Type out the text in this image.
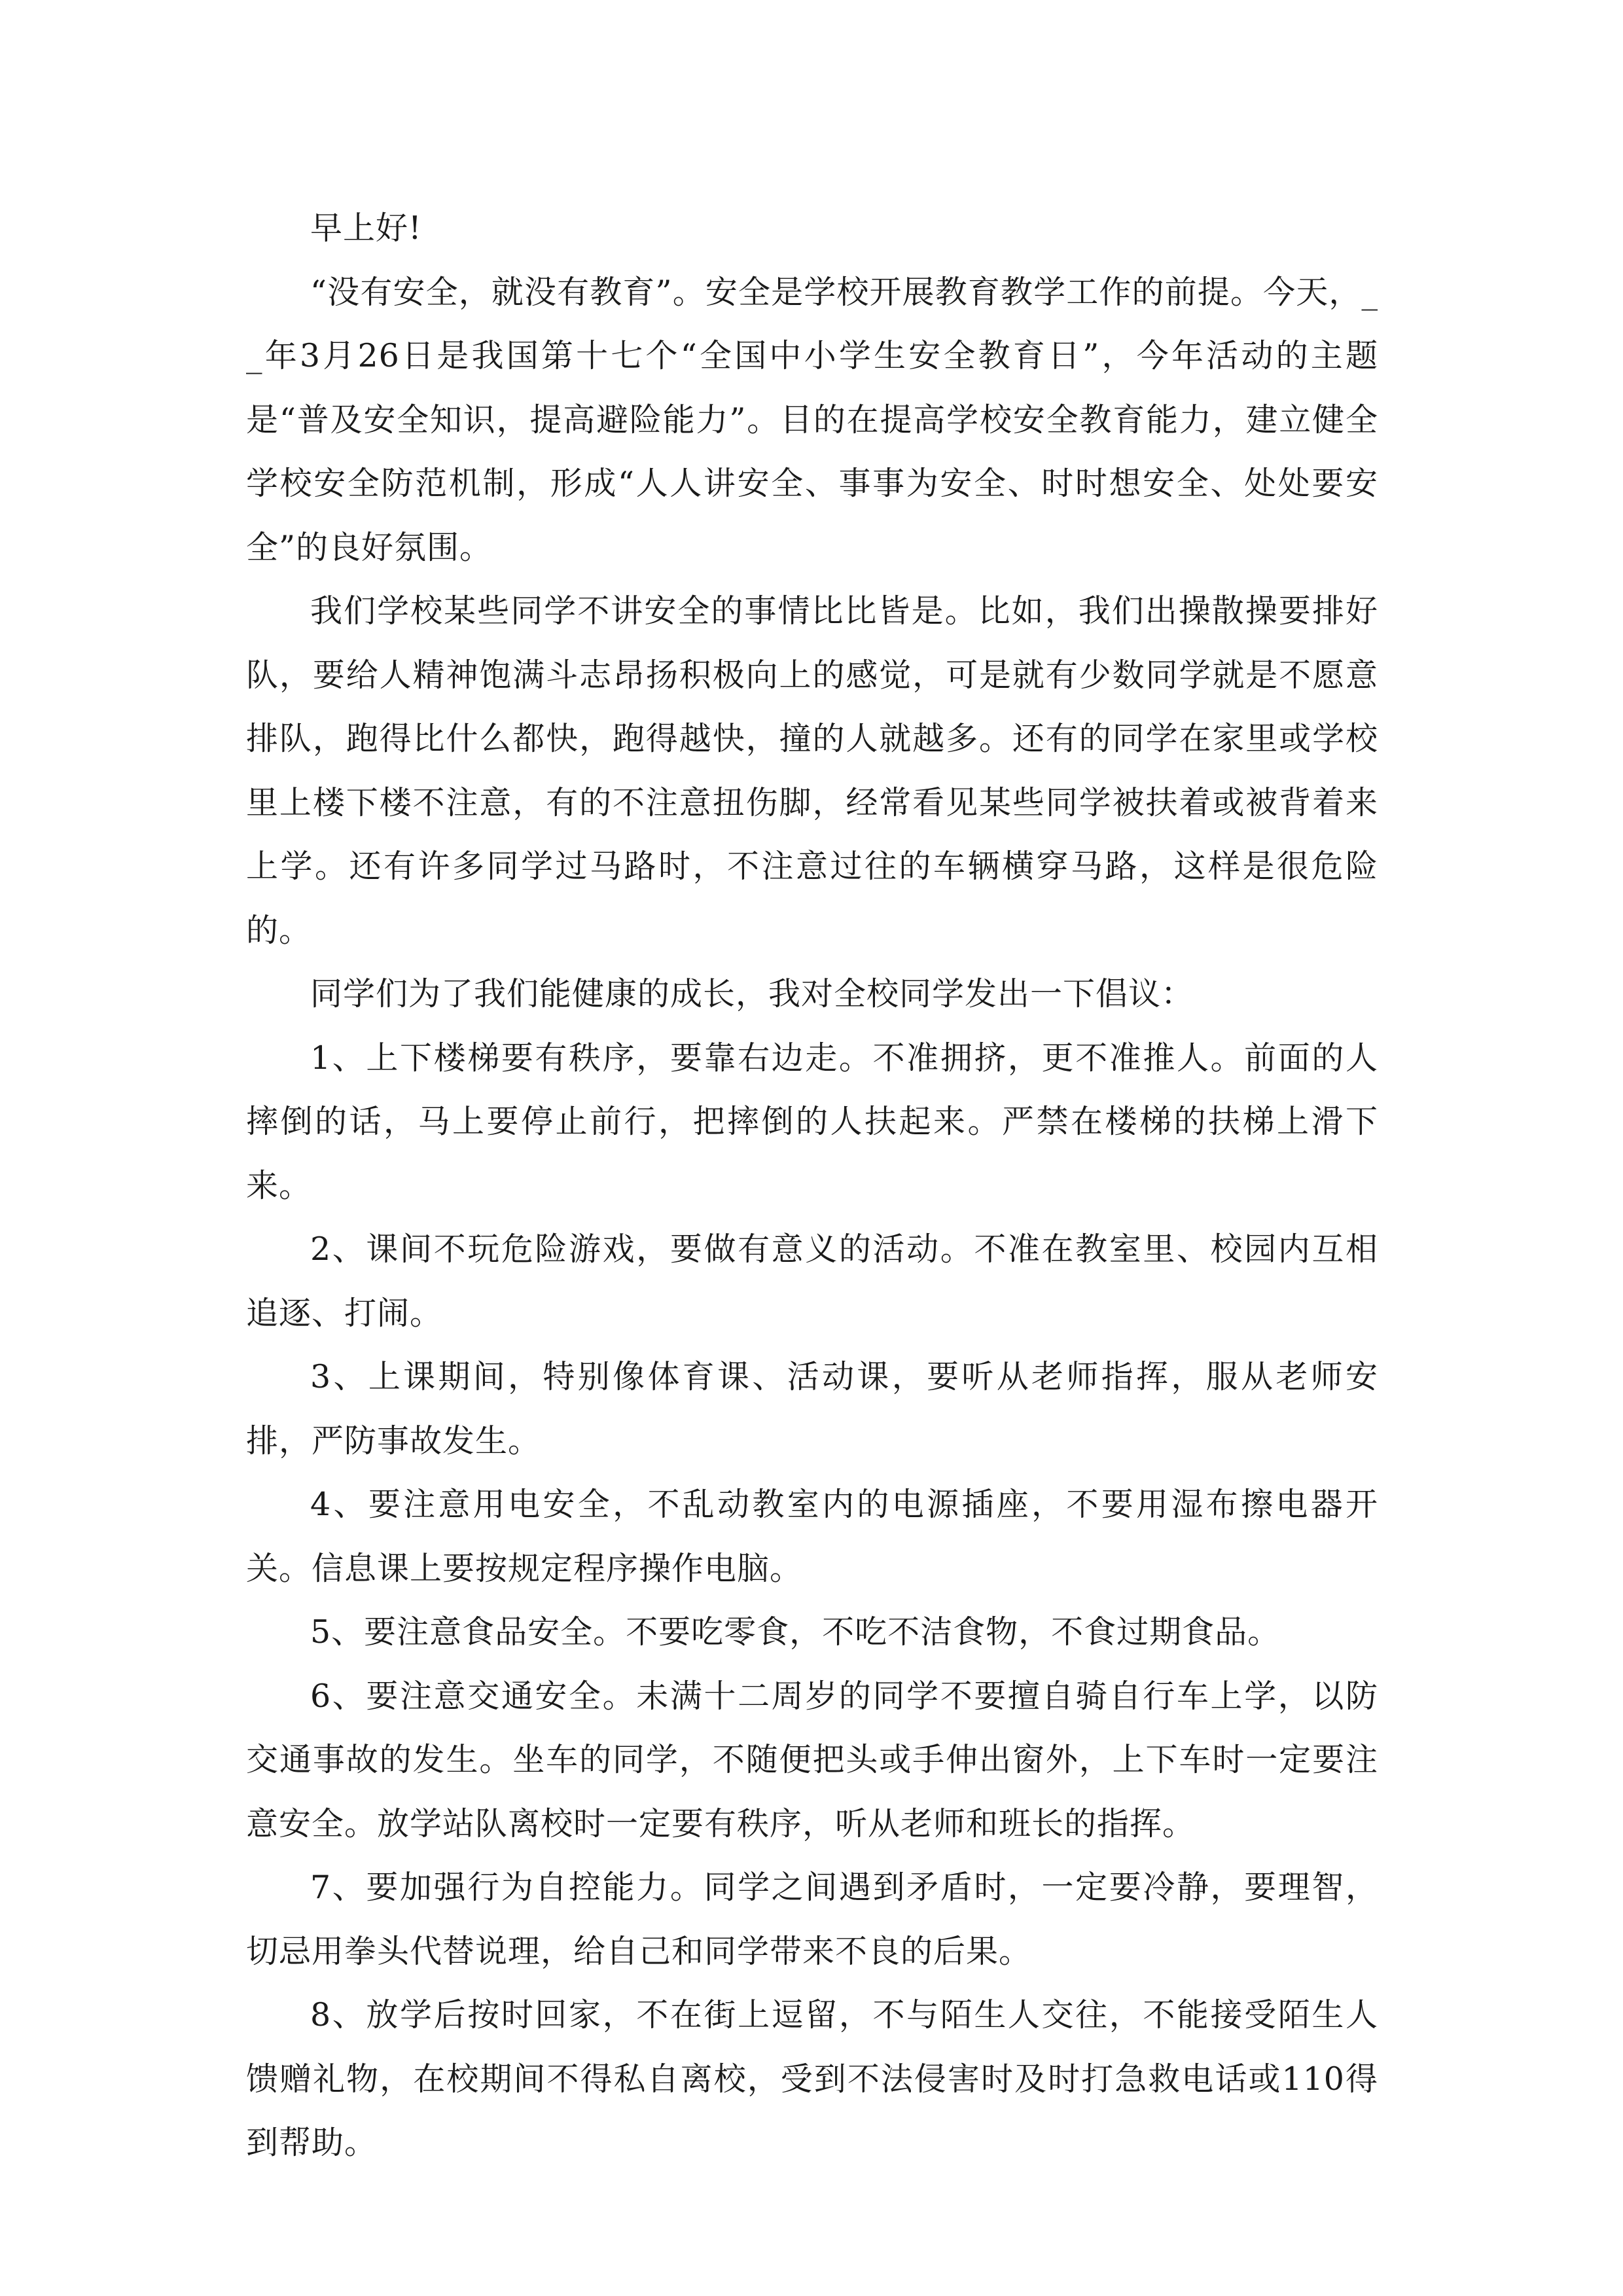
早上好!

“没有安全，就没有教育”。安全是学校开展教育教学工作的前提。今天，__年3月26日是我国第十七个“全国中小学生安全教育日”，今年活动的主题是“普及安全知识，提高避险能力”。目的在提高学校安全教育能力，建立健全学校安全防范机制，形成“人人讲安全、事事为安全、时时想安全、处处要安全”的良好氛围。

我们学校某些同学不讲安全的事情比比皆是。比如，我们出操散操要排好队，要给人精神饱满斗志昂扬积极向上的感觉，可是就有少数同学就是不愿意排队，跑得比什么都快，跑得越快，撞的人就越多。还有的同学在家里或学校里上楼下楼不注意，有的不注意扭伤脚，经常看见某些同学被扶着或被背着来上学。还有许多同学过马路时，不注意过往的车辆横穿马路，这样是很危险的。

同学们为了我们能健康的成长，我对全校同学发出一下倡议：

1、上下楼梯要有秩序，要靠右边走。不准拥挤，更不准推人。前面的人摔倒的话，马上要停止前行，把摔倒的人扶起来。严禁在楼梯的扶梯上滑下来。

2、课间不玩危险游戏，要做有意义的活动。不准在教室里、校园内互相追逐、打闹。

3、上课期间，特别像体育课、活动课，要听从老师指挥，服从老师安排，严防事故发生。

4、要注意用电安全，不乱动教室内的电源插座，不要用湿布擦电器开关。信息课上要按规定程序操作电脑。

5、要注意食品安全。不要吃零食，不吃不洁食物，不食过期食品。

6、要注意交通安全。未满十二周岁的同学不要擅自骑自行车上学，以防交通事故的发生。坐车的同学，不随便把头或手伸出窗外，上下车时一定要注意安全。放学站队离校时一定要有秩序，听从老师和班长的指挥。

7、要加强行为自控能力。同学之间遇到矛盾时，一定要冷静，要理智，切忌用拳头代替说理，给自己和同学带来不良的后果。

8、放学后按时回家，不在街上逗留，不与陌生人交往，不能接受陌生人馈赠礼物，在校期间不得私自离校，受到不法侵害时及时打急救电话或110得到帮助。
